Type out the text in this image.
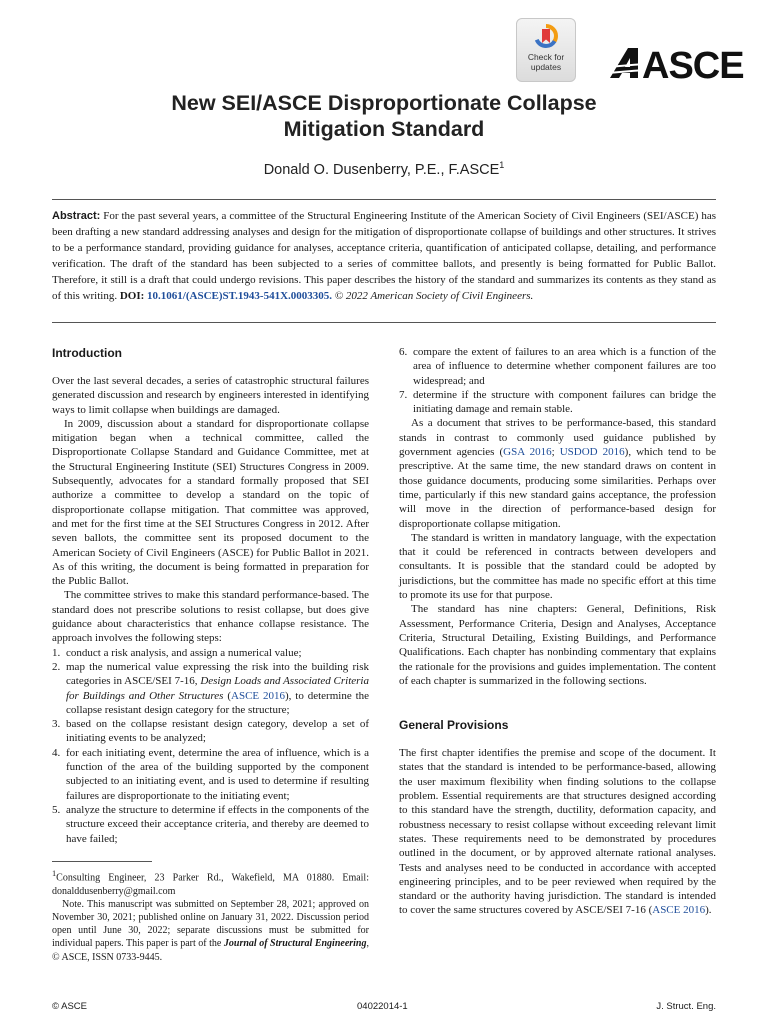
Check for
updates	ASCE
New SEI/ASCE Disproportionate Collapse
Mitigation Standard
Donald O. Dusenberry, P.E., F.ASCE$^1$
Abstract: For the past several years, a committee of the Structural Engineering Institute of the American Society of Civil Engineers (SEI/ASCE) has been drafting a new standard addressing analyses and design for the mitigation of disproportionate collapse of buildings and other structures. It strives to be a performance standard, providing guidance for analyses, acceptance criteria, quantification of anticipated collapse, detailing, and performance verification. The draft of the standard has been subjected to a series of committee ballots, and presently is being formatted for Public Ballot. Therefore, it still is a draft that could undergo revisions. This paper describes the history of the standard and summarizes its contents as they stand as of this writing. DOI: 10.1061/(ASCE)ST.1943-541X.0003305. © 2022 American Society of Civil Engineers.
Introduction

Over the last several decades, a series of catastrophic structural failures generated discussion and research by engineers interested in identifying ways to limit collapse when buildings are damaged.

In 2009, discussion about a standard for disproportionate collapse mitigation began when a technical committee, called the Disproportionate Collapse Standard and Guidance Committee, met at the Structural Engineering Institute (SEI) Structures Congress in 2009. Subsequently, advocates for a standard formally proposed that SEI authorize a committee to develop a standard on the topic of disproportionate collapse mitigation. That committee was approved, and met for the first time at the SEI Structures Congress in 2012. After seven ballots, the committee sent its proposed document to the American Society of Civil Engineers (ASCE) for Public Ballot in 2021. As of this writing, the document is being formatted in preparation for the Public Ballot.

The committee strives to make this standard performance-based. The standard does not prescribe solutions to resist collapse, but does give guidance about characteristics that enhance collapse resistance. The approach involves the following steps:

1. conduct a risk analysis, and assign a numerical value;
2. map the numerical value expressing the risk into the building risk categories in ASCE/SEI 7-16, Design Loads and Associated Criteria for Buildings and Other Structures (ASCE 2016), to determine the collapse resistant design category for the structure;
3. based on the collapse resistant design category, develop a set of initiating events to be analyzed;
4. for each initiating event, determine the area of influence, which is a function of the area of the building supported by the component subjected to an initiating event, and is used to determine if resulting failures are disproportionate to the initiating event;
5. analyze the structure to determine if effects in the components of the structure exceed their acceptance criteria, and thereby are deemed to have failed;

$^1$Consulting Engineer, 23 Parker Rd., Wakefield, MA 01880. Email: donalddusenberry@gmail.com

Note. This manuscript was submitted on September 28, 2021; approved on November 30, 2021; published online on January 31, 2022. Discussion period open until June 30, 2022; separate discussions must be submitted for individual papers. This paper is part of the Journal of Structural Engineering, © ASCE, ISSN 0733-9445.

6. compare the extent of failures to an area which is a function of the area of influence to determine whether component failures are too widespread; and
7. determine if the structure with component failures can bridge the initiating damage and remain stable.

As a document that strives to be performance-based, this standard stands in contrast to commonly used guidance published by government agencies (GSA 2016; USDOD 2016), which tend to be prescriptive. At the same time, the new standard draws on content in those guidance documents, producing some similarities. Perhaps over time, particularly if this new standard gains acceptance, the profession will move in the direction of performance-based design for disproportionate collapse mitigation.

The standard is written in mandatory language, with the expectation that it could be referenced in contracts between developers and consultants. It is possible that the standard could be adopted by jurisdictions, but the committee has made no specific effort at this time to promote its use for that purpose.

The standard has nine chapters: General, Definitions, Risk Assessment, Performance Criteria, Design and Analyses, Acceptance Criteria, Structural Detailing, Existing Buildings, and Performance Qualifications. Each chapter has nonbinding commentary that explains the rationale for the provisions and guides implementation. The content of each chapter is summarized in the following sections.

General Provisions

The first chapter identifies the premise and scope of the document. It states that the standard is intended to be performance-based, allowing the user maximum flexibility when finding solutions to the collapse problem. Essential requirements are that structures designed according to this standard have the strength, ductility, deformation capacity, and robustness necessary to resist collapse without exceeding relevant limit states. These requirements need to be demonstrated by procedures outlined in the document, or by approved alternate rational analyses. Tests and analyses need to be conducted in accordance with accepted engineering principles, and to be peer reviewed when required by the standard or the authority having jurisdiction. The standard is intended to cover the same structures covered by ASCE/SEI 7-16 (ASCE 2016).

© ASCE	04022014-1	J. Struct. Eng.
